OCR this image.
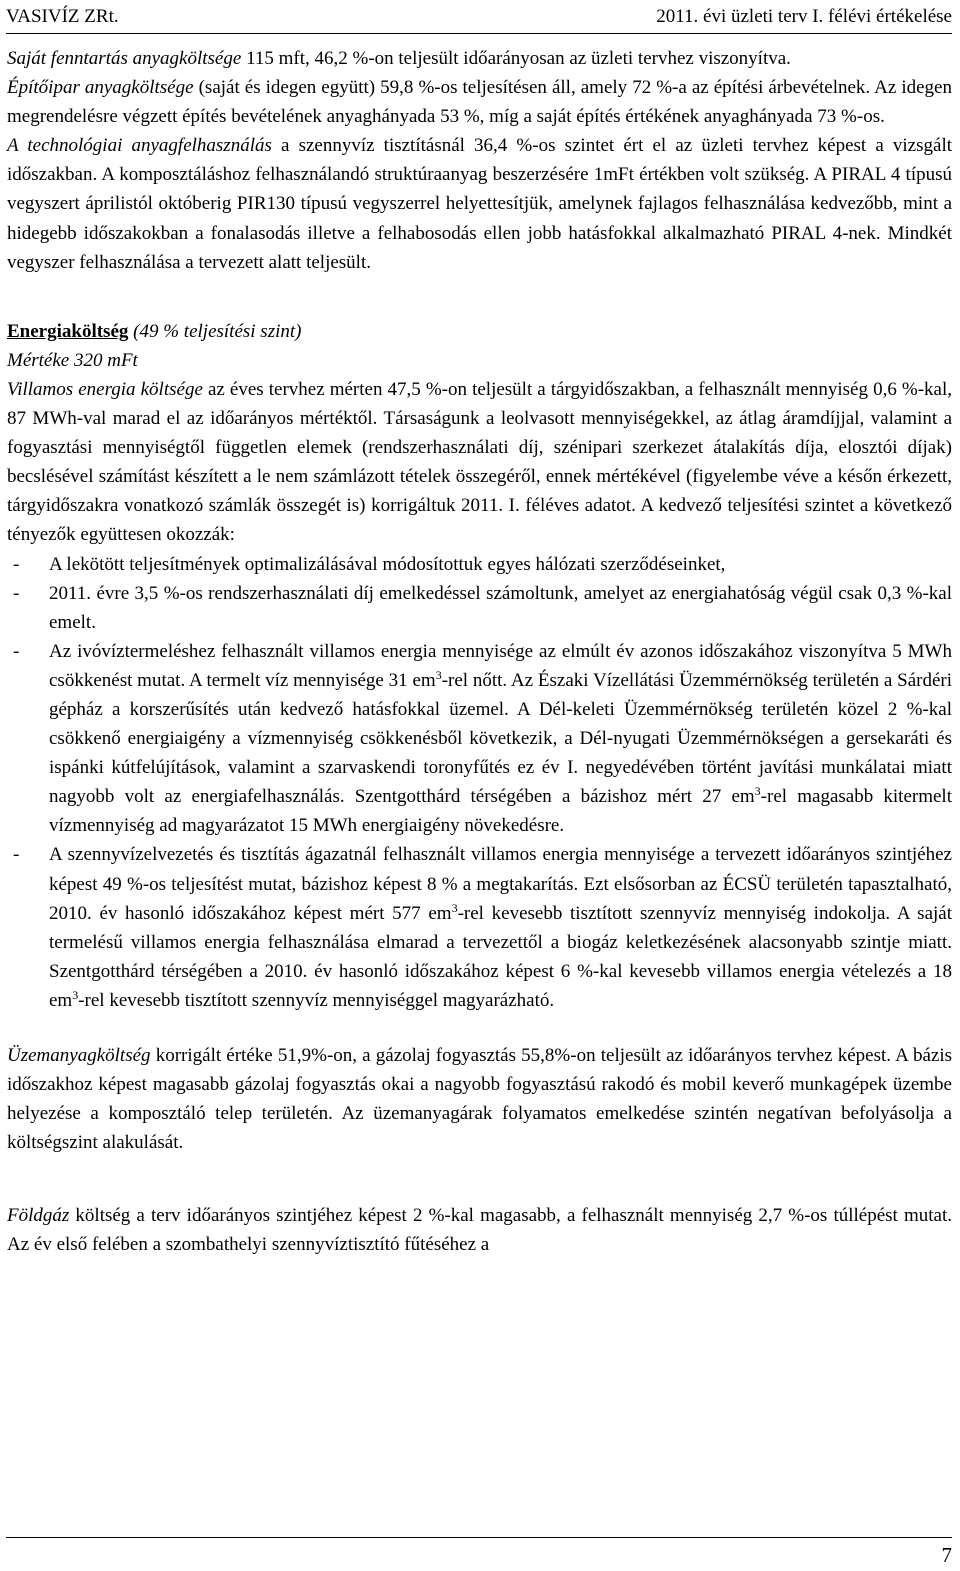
VASIVÍZ ZRt.	2011. évi üzleti terv I. félévi értékelése

Saját fenntartás anyagköltsége 115 mft, 46,2 %-on teljesült időarányosan az üzleti tervhez viszonyítva.

Építőipar anyagköltsége (saját és idegen együtt) 59,8 %-os teljesítésen áll, amely 72 %-a az építési árbevételnek. Az idegen megrendelésre végzett építés bevételének anyaghányada 53 %, míg a saját építés értékének anyaghányada 73 %-os.

A technológiai anyagfelhasználás a szennyvíz tisztításnál 36,4 %-os szintet ért el az üzleti tervhez képest a vizsgált időszakban. A komposztáláshoz felhasználandó struktúraanyag beszerzésére 1mFt értékben volt szükség. A PIRAL 4 típusú vegyszert áprilistól októberig PIR130 típusú vegyszerrel helyettesítjük, amelynek fajlagos felhasználása kedvezőbb, mint a hidegebb időszakokban a fonalasodás illetve a felhabosodás ellen jobb hatásfokkal alkalmazható PIRAL 4-nek. Mindkét vegyszer felhasználása a tervezett alatt teljesült.

Energiaköltség (49 % teljesítési szint)

Mértéke 320 mFt

Villamos energia költsége az éves tervhez mérten 47,5 %-on teljesült a tárgyidőszakban, a felhasznált mennyiség 0,6 %-kal, 87 MWh-val marad el az időarányos mértéktől. Társaságunk a leolvasott mennyiségekkel, az átlag áramdíjjal, valamint a fogyasztási mennyiségtől független elemek (rendszerhasználati díj, szénipari szerkezet átalakítás díja, elosztói díjak) becslésével számítást készített a le nem számlázott tételek összegéről, ennek mértékével (figyelembe véve a későn érkezett, tárgyidőszakra vonatkozó számlák összegét is) korrigáltuk 2011. I. féléves adatot. A kedvező teljesítési szintet a következő tényezők együttesen okozzák:

- A lekötött teljesítmények optimalizálásával módosítottuk egyes hálózati szerződéseinket,
- 2011. évre 3,5 %-os rendszerhasználati díj emelkedéssel számoltunk, amelyet az energiahatóság végül csak 0,3 %-kal emelt.
- Az ivóvíztermeléshez felhasznált villamos energia mennyisége az elmúlt év azonos időszakához viszonyítva 5 MWh csökkenést mutat. A termelt víz mennyisége 31 $em^3$-rel nőtt. Az Északi Vízellátási Üzemmérnökség területén a Sárdéri gépház a korszerűsítés után kedvező hatásfokkal üzemel. A Dél-keleti Üzemmérnökség területén közel 2 %-kal csökkenő energiaigény a vízmennyiség csökkenésből következik, a Dél-nyugati Üzemmérnökségen a gersekaráti és ispánki kútfelújítások, valamint a szarvaskendi toronyfűtés ez év I. negyedévében történt javítási munkálatai miatt nagyobb volt az energiafelhasználás. Szentgotthárd térségében a bázishoz mért 27 $em^3$-rel magasabb kitermelt vízmennyiség ad magyarázatot 15 MWh energiaigény növekedésre.
- A szennyvízelvezetés és tisztítás ágazatnál felhasznált villamos energia mennyisége a tervezett időarányos szintjéhez képest 49 %-os teljesítést mutat, bázishoz képest 8 % a megtakarítás. Ezt elsősorban az ÉCSÜ területén tapasztalható, 2010. év hasonló időszakához képest mért 577 $em^3$-rel kevesebb tisztított szennyvíz mennyiség indokolja. A saját termelésű villamos energia felhasználása elmarad a tervezettől a biogáz keletkezésének alacsonyabb szintje miatt. Szentgotthárd térségében a 2010. év hasonló időszakához képest 6 %-kal kevesebb villamos energia vételezés a 18 $em^3$-rel kevesebb tisztított szennyvíz mennyiséggel magyarázható.

Üzemanyagköltség korrigált értéke 51,9%-on, a gázolaj fogyasztás 55,8%-on teljesült az időarányos tervhez képest. A bázis időszakhoz képest magasabb gázolaj fogyasztás okai a nagyobb fogyasztású rakodó és mobil keverő munkagépek üzembe helyezése a komposztáló telep területén. Az üzemanyagárak folyamatos emelkedése szintén negatívan befolyásolja a költségszint alakulását.

Földgáz költség a terv időarányos szintjéhez képest 2 %-kal magasabb, a felhasznált mennyiség 2,7 %-os túllépést mutat. Az év első felében a szombathelyi szennyvíztisztító fűtéséhez a

7
